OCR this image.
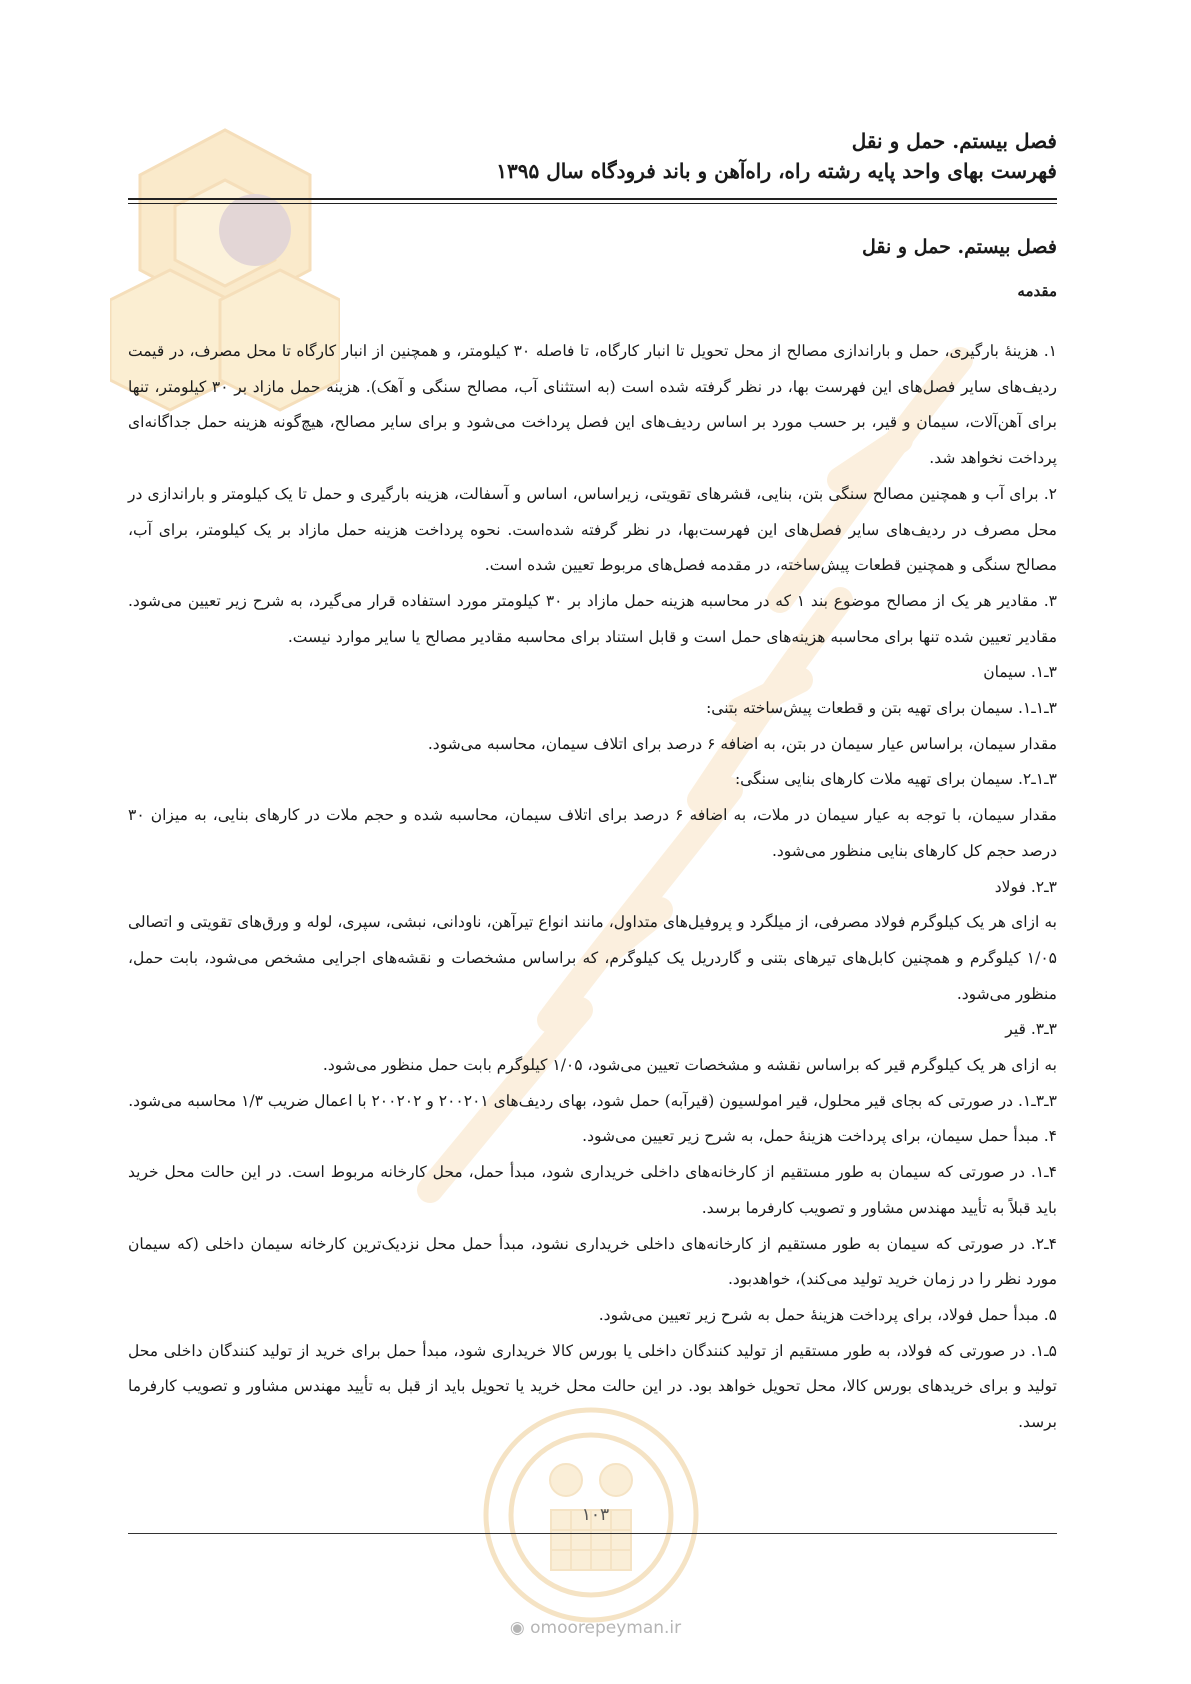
فصل بیستم. حمل و نقل

فهرست بهای واحد پایه رشته راه، راه‌آهن و باند فرودگاه سال ۱۳۹۵

فصل بیستم. حمل و نقل
مقدمه

۱. هزینهٔ بارگیری، حمل و باراندازی مصالح از محل تحویل تا انبار کارگاه، تا فاصله ۳۰ کیلومتر، و همچنین از انبار کارگاه تا محل مصرف، در قیمت ردیف‌های سایر فصل‌های این فهرست بها، در نظر گرفته شده است (به استثنای آب، مصالح سنگی و آهک). هزینه حمل مازاد بر ۳۰ کیلومتر، تنها برای آهن‌آلات، سیمان و قیر، بر حسب مورد بر اساس ردیف‌های این فصل پرداخت می‌شود و برای سایر مصالح، هیچ‌گونه هزینه حمل جداگانه‌ای پرداخت نخواهد شد.

۲. برای آب و همچنین مصالح سنگی بتن، بنایی، قشرهای تقویتی، زیراساس، اساس و آسفالت، هزینه بارگیری و حمل تا یک کیلومتر و باراندازی در محل مصرف در ردیف‌های سایر فصل‌های این فهرست‌بها، در نظر گرفته شده‌است. نحوه پرداخت هزینه حمل مازاد بر یک کیلومتر، برای آب، مصالح سنگی و همچنین قطعات پیش‌ساخته، در مقدمه فصل‌های مربوط تعیین شده است.

۳. مقادیر هر یک از مصالح موضوع بند ۱ که در محاسبه هزینه حمل مازاد بر ۳۰ کیلومتر مورد استفاده قرار می‌گیرد، به شرح زیر تعیین می‌شود. مقادیر تعیین شده تنها برای محاسبه هزینه‌های حمل است و قابل استناد برای محاسبه مقادیر مصالح یا سایر موارد نیست.

۳ـ۱. سیمان

۳ـ۱ـ۱. سیمان برای تهیه بتن و قطعات پیش‌ساخته بتنی:

مقدار سیمان، براساس عیار سیمان در بتن، به اضافه ۶ درصد برای اتلاف سیمان، محاسبه می‌شود.

۳ـ۱ـ۲. سیمان برای تهیه ملات کارهای بنایی سنگی:

مقدار سیمان، با توجه به عیار سیمان در ملات، به اضافه ۶ درصد برای اتلاف سیمان، محاسبه شده و حجم ملات در کارهای بنایی، به میزان ۳۰ درصد حجم کل کارهای بنایی منظور می‌شود.

۳ـ۲. فولاد

به ازای هر یک کیلوگرم فولاد مصرفی، از میلگرد و پروفیل‌های متداول، مانند انواع تیرآهن، ناودانی، نبشی، سپری، لوله و ورق‌های تقویتی و اتصالی ۱/۰۵ کیلوگرم و همچنین کابل‌های تیرهای بتنی و گاردریل یک کیلوگرم، که براساس مشخصات و نقشه‌های اجرایی مشخص می‌شود، بابت حمل، منظور می‌شود.

۳ـ۳. قیر

به ازای هر یک کیلوگرم قیر که براساس نقشه و مشخصات تعیین می‌شود، ۱/۰۵ کیلوگرم بابت حمل منظور می‌شود.

۳ـ۳ـ۱. در صورتی که بجای قیر محلول، قیر امولسیون (قیرآبه) حمل شود، بهای ردیف‌های ۲۰۰۲۰۱ و ۲۰۰۲۰۲ با اعمال ضریب ۱/۳ محاسبه می‌شود.

۴. مبدأ حمل سیمان، برای پرداخت هزینهٔ حمل، به شرح زیر تعیین می‌شود.

۴ـ۱. در صورتی که سیمان به طور مستقیم از کارخانه‌های داخلی خریداری شود، مبدأ حمل، محل کارخانه مربوط است. در این حالت محل خرید باید قبلاً به تأیید مهندس مشاور و تصویب کارفرما برسد.

۴ـ۲. در صورتی که سیمان به طور مستقیم از کارخانه‌های داخلی خریداری نشود، مبدأ حمل محل نزدیک‌ترین کارخانه سیمان داخلی (که سیمان مورد نظر را در زمان خرید تولید می‌کند)، خواهدبود.

۵. مبدأ حمل فولاد، برای پرداخت هزینهٔ حمل به شرح زیر تعیین می‌شود.

۵ـ۱. در صورتی که فولاد، به طور مستقیم از تولید کنندگان داخلی یا بورس کالا خریداری شود، مبدأ حمل برای خرید از تولید کنندگان داخلی محل تولید و برای خریدهای بورس کالا، محل تحویل خواهد بود. در این حالت محل خرید یا تحویل باید از قبل به تأیید مهندس مشاور و تصویب کارفرما برسد.

۱۰۳
◉ omoorepeyman.ir
